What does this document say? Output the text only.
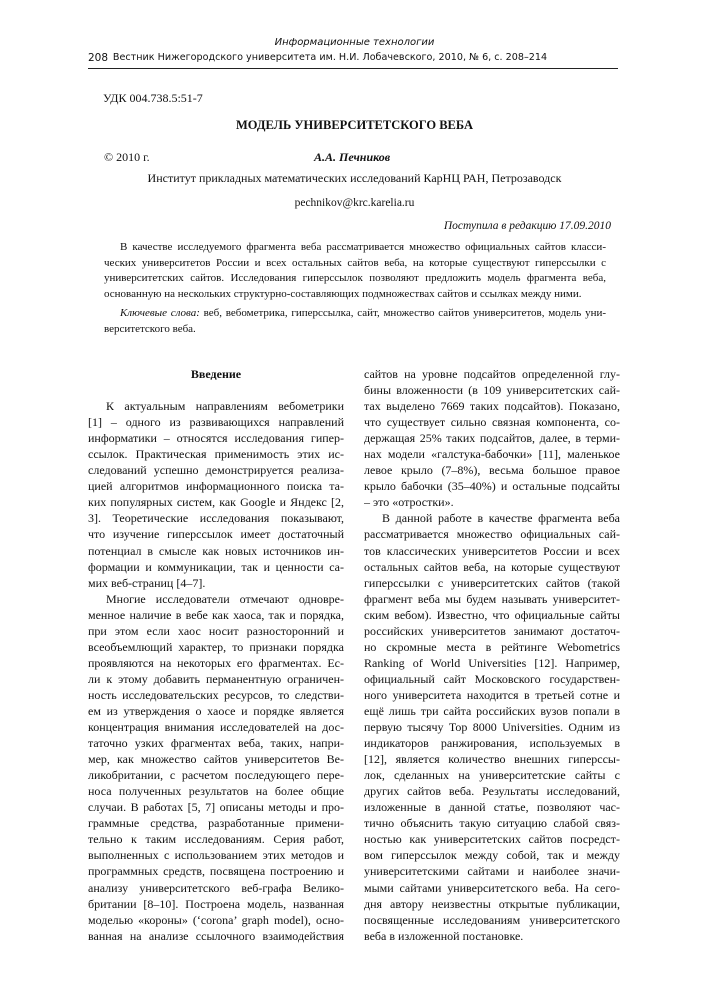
Информационные технологии
208 Вестник Нижегородского университета им. Н.И. Лобачевского, 2010, № 6, с. 208–214
УДК 004.738.5:51-7
МОДЕЛЬ УНИВЕРСИТЕТСКОГО ВЕБА
© 2010 г.	А.А. Печников
Институт прикладных математических исследований КарНЦ РАН, Петрозаводск
pechnikov@krc.karelia.ru
Поступила в редакцию 17.09.2010
В качестве исследуемого фрагмента веба рассматривается множество официальных сайтов класси-
ческих университетов России и всех остальных сайтов веба, на которые существуют гиперссылки с
университетских сайтов. Исследования гиперссылок позволяют предложить модель фрагмента веба,
основанную на нескольких структурно-составляющих подмножествах сайтов и ссылках между ними.
Ключевые слова: веб, вебометрика, гиперссылка, сайт, множество сайтов университетов, модель уни-
верситетского веба.
Введение
К актуальным направлениям вебометрики
[1] – одного из развивающихся направлений
информатики – относятся исследования гипер-
ссылок. Практическая применимость этих ис-
следований успешно демонстрируется реализа-
цией алгоритмов информационного поиска та-
ких популярных систем, как Google и Яндекс [2,
3]. Теоретические исследования показывают,
что изучение гиперссылок имеет достаточный
потенциал в смысле как новых источников ин-
формации и коммуникации, так и ценности са-
мих веб-страниц [4–7].
Многие исследователи отмечают одновре-
менное наличие в вебе как хаоса, так и порядка,
при этом если хаос носит разносторонний и
всеобъемлющий характер, то признаки порядка
проявляются на некоторых его фрагментах. Ес-
ли к этому добавить перманентную ограничен-
ность исследовательских ресурсов, то следстви-
ем из утверждения о хаосе и порядке является
концентрация внимания исследователей на дос-
таточно узких фрагментах веба, таких, напри-
мер, как множество сайтов университетов Ве-
ликобритании, с расчетом последующего пере-
носа полученных результатов на более общие
случаи. В работах [5, 7] описаны методы и про-
граммные средства, разработанные примени-
тельно к таким исследованиям. Серия работ,
выполненных с использованием этих методов и
программных средств, посвящена построению и
анализу университетского веб-графа Велико-
британии [8–10]. Построена модель, названная
моделью «короны» (‘corona’ graph model), осно-
ванная на анализе ссылочного взаимодействия
сайтов на уровне подсайтов определенной глу-
бины вложенности (в 109 университетских сай-
тах выделено 7669 таких подсайтов). Показано,
что существует сильно связная компонента, со-
держащая 25% таких подсайтов, далее, в терми-
нах модели «галстука-бабочки» [11], маленькое
левое крыло (7–8%), весьма большое правое
крыло бабочки (35–40%) и остальные подсайты
– это «отростки».
В данной работе в качестве фрагмента веба
рассматривается множество официальных сай-
тов классических университетов России и всех
остальных сайтов веба, на которые существуют
гиперссылки с университетских сайтов (такой
фрагмент веба мы будем называть университет-
ским вебом). Известно, что официальные сайты
российских университетов занимают достаточ-
но скромные места в рейтинге Webometrics
Ranking of World Universities [12]. Например,
официальный сайт Московского государствен-
ного университета находится в третьей сотне и
ещё лишь три сайта российских вузов попали в
первую тысячу Top 8000 Universities. Одним из
индикаторов ранжирования, используемых в
[12], является количество внешних гиперссы-
лок, сделанных на университетские сайты с
других сайтов веба. Результаты исследований,
изложенные в данной статье, позволяют час-
тично объяснить такую ситуацию слабой связ-
ностью как университетских сайтов посредст-
вом гиперссылок между собой, так и между
университетскими сайтами и наиболее значи-
мыми сайтами университетского веба. На сего-
дня автору неизвестны открытые публикации,
посвященные исследованиям университетского
веба в изложенной постановке.
